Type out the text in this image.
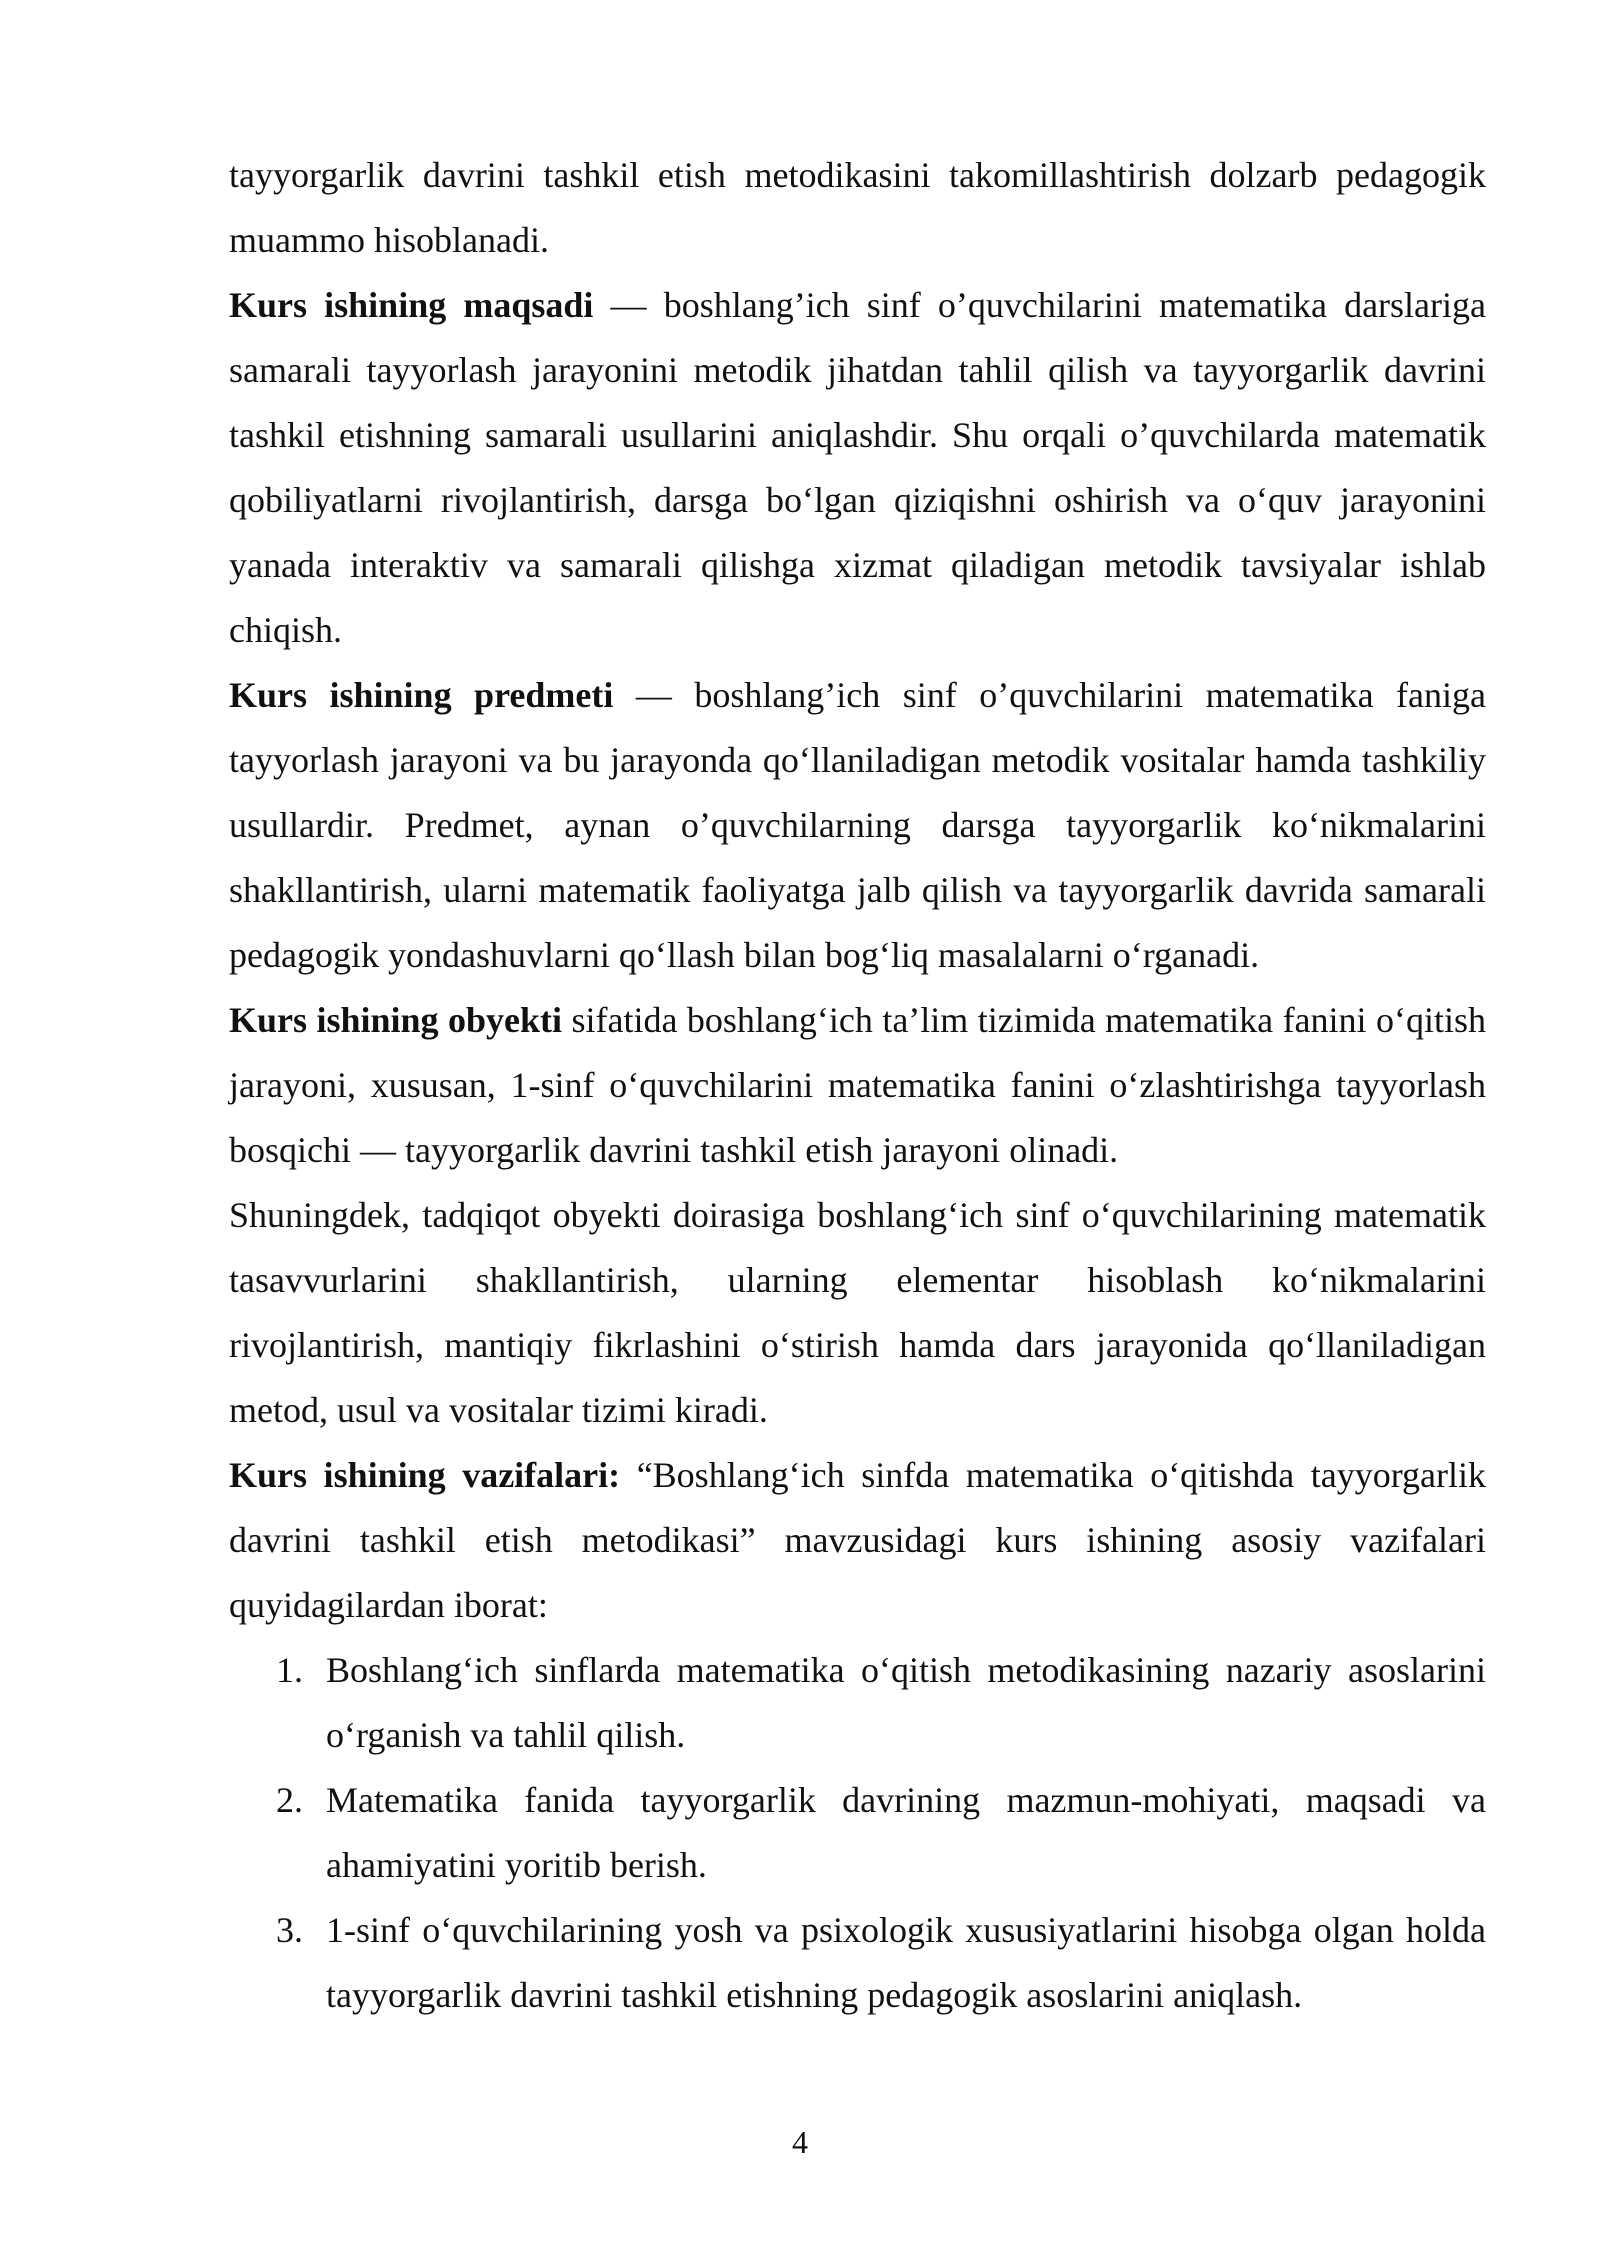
tayyorgarlik davrini tashkil etish metodikasini takomillashtirish dolzarb pedagogik muammo hisoblanadi.

Kurs ishining maqsadi — boshlang’ich sinf o’quvchilarini matematika darslariga samarali tayyorlash jarayonini metodik jihatdan tahlil qilish va tayyorgarlik davrini tashkil etishning samarali usullarini aniqlashdir. Shu orqali o’quvchilarda matematik qobiliyatlarni rivojlantirish, darsga bo‘lgan qiziqishni oshirish va o‘quv jarayonini yanada interaktiv va samarali qilishga xizmat qiladigan metodik tavsiyalar ishlab chiqish.

Kurs ishining predmeti — boshlang’ich sinf o’quvchilarini matematika faniga tayyorlash jarayoni va bu jarayonda qo‘llaniladigan metodik vositalar hamda tashkiliy usullardir. Predmet, aynan o’quvchilarning darsga tayyorgarlik ko‘nikmalarini shakllantirish, ularni matematik faoliyatga jalb qilish va tayyorgarlik davrida samarali pedagogik yondashuvlarni qo‘llash bilan bog‘liq masalalarni o‘rganadi.

Kurs ishining obyekti sifatida boshlang‘ich ta’lim tizimida matematika fanini o‘qitish jarayoni, xususan, 1-sinf o‘quvchilarini matematika fanini o‘zlashtirishga tayyorlash bosqichi — tayyorgarlik davrini tashkil etish jarayoni olinadi.

Shuningdek, tadqiqot obyekti doirasiga boshlang‘ich sinf o‘quvchilarining matematik tasavvurlarini shakllantirish, ularning elementar hisoblash ko‘nikmalarini rivojlantirish, mantiqiy fikrlashini o‘stirish hamda dars jarayonida qo‘llaniladigan metod, usul va vositalar tizimi kiradi.

Kurs ishining vazifalari: “Boshlang‘ich sinfda matematika o‘qitishda tayyorgarlik davrini tashkil etish metodikasi” mavzusidagi kurs ishining asosiy vazifalari quyidagilardan iborat:

1. Boshlang‘ich sinflarda matematika o‘qitish metodikasining nazariy asoslarini o‘rganish va tahlil qilish.
2. Matematika fanida tayyorgarlik davrining mazmun-mohiyati, maqsadi va ahamiyatini yoritib berish.
3. 1-sinf o‘quvchilarining yosh va psixologik xususiyatlarini hisobga olgan holda tayyorgarlik davrini tashkil etishning pedagogik asoslarini aniqlash.
4
